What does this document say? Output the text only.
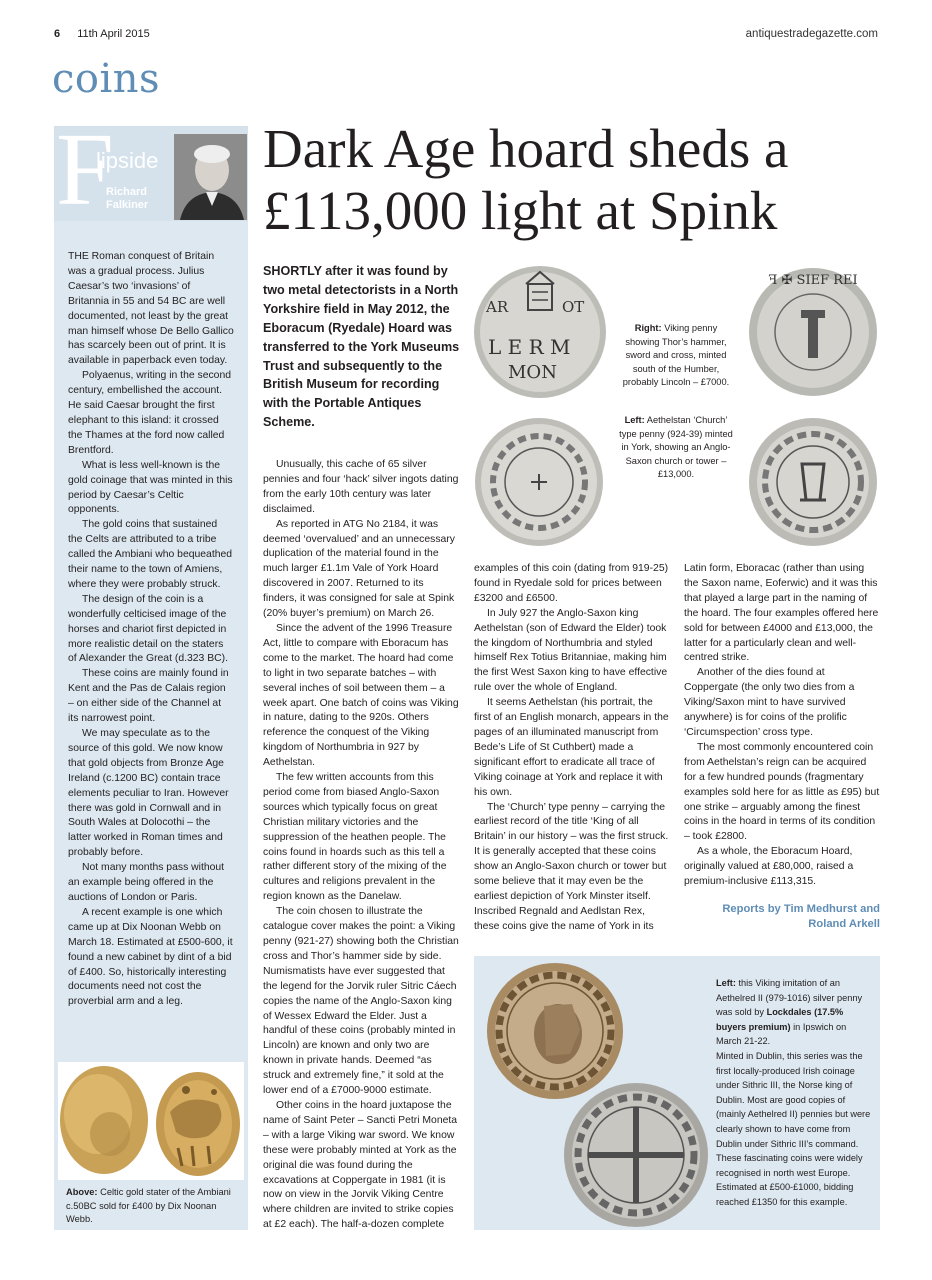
6 11th April 2015	antiquestradegazette.com
coins
F
lipside
Richard
Falkiner

THE Roman conquest of Britain was a gradual process. Julius Caesar’s two ‘invasions’ of Britannia in 55 and 54 BC are well documented, not least by the great man himself whose De Bello Gallico has scarcely been out of print. It is available in paperback even today.

Polyaenus, writing in the second century, embellished the account. He said Caesar brought the first elephant to this island: it crossed the Thames at the ford now called Brentford.

What is less well-known is the gold coinage that was minted in this period by Caesar’s Celtic opponents.

The gold coins that sustained the Celts are attributed to a tribe called the Ambiani who bequeathed their name to the town of Amiens, where they were probably struck.

The design of the coin is a wonderfully celticised image of the horses and chariot first depicted in more realistic detail on the staters of Alexander the Great (d.323 BC).

These coins are mainly found in Kent and the Pas de Calais region – on either side of the Channel at its narrowest point.

We may speculate as to the source of this gold. We now know that gold objects from Bronze Age Ireland (c.1200 BC) contain trace elements peculiar to Iran. However there was gold in Cornwall and in South Wales at Dolocothi – the latter worked in Roman times and probably before.

Not many months pass without an example being offered in the auctions of London or Paris.

A recent example is one which came up at Dix Noonan Webb on March 18. Estimated at £500-600, it found a new cabinet by dint of a bid of £400. So, historically interesting documents need not cost the proverbial arm and a leg.

Above: Celtic gold stater of the Ambiani c.50BC sold for £400 by Dix Noonan Webb.
Dark Age hoard sheds a £113,000 light at Spink
SHORTLY after it was found by two metal detectorists in a North Yorkshire field in May 2012, the Eboracum (Ryedale) Hoard was transferred to the York Museums Trust and subsequently to the British Museum for recording with the Portable Antiques Scheme.

Unusually, this cache of 65 silver pennies and four ‘hack’ silver ingots dating from the early 10th century was later disclaimed.

As reported in ATG No 2184, it was deemed ‘overvalued’ and an unnecessary duplication of the material found in the much larger £1.1m Vale of York Hoard discovered in 2007. Returned to its finders, it was consigned for sale at Spink (20% buyer’s premium) on March 26.

Since the advent of the 1996 Treasure Act, little to compare with Eboracum has come to the market. The hoard had come to light in two separate batches – with several inches of soil between them – a week apart. One batch of coins was Viking in nature, dating to the 920s. Others reference the conquest of the Viking kingdom of Northumbria in 927 by Aethelstan.

The few written accounts from this period come from biased Anglo-Saxon sources which typically focus on great Christian military victories and the suppression of the heathen people. The coins found in hoards such as this tell a rather different story of the mixing of the cultures and religions prevalent in the region known as the Danelaw.

The coin chosen to illustrate the catalogue cover makes the point: a Viking penny (921-27) showing both the Christian cross and Thor’s hammer side by side. Numismatists have ever suggested that the legend for the Jorvik ruler Sitric Cáech copies the name of the Anglo-Saxon king of Wessex Edward the Elder. Just a handful of these coins (probably minted in Lincoln) are known and only two are known in private hands. Deemed “as struck and extremely fine,” it sold at the lower end of a £7000-9000 estimate.

Other coins in the hoard juxtapose the name of Saint Peter – Sancti Petri Moneta – with a large Viking war sword. We know these were probably minted at York as the original die was found during the excavations at Coppergate in 1981 (it is now on view in the Jorvik Viking Centre where children are invited to strike copies at £2 each). The half-a-dozen complete

examples of this coin (dating from 919-25) found in Ryedale sold for prices between £3200 and £6500.

In July 927 the Anglo-Saxon king Aethelstan (son of Edward the Elder) took the kingdom of Northumbria and styled himself Rex Totius Britanniae, making him the first West Saxon king to have effective rule over the whole of England.

It seems Aethelstan (his portrait, the first of an English monarch, appears in the pages of an illuminated manuscript from Bede’s Life of St Cuthbert) made a significant effort to eradicate all trace of Viking coinage at York and replace it with his own.

The ‘Church’ type penny – carrying the earliest record of the title ‘King of all Britain’ in our history – was the first struck. It is generally accepted that these coins show an Anglo-Saxon church or tower but some believe that it may even be the earliest depiction of York Minster itself. Inscribed Regnald and Aedlstan Rex, these coins give the name of York in its

Latin form, Eboracac (rather than using the Saxon name, Eoferwic) and it was this that played a large part in the naming of the hoard. The four examples offered here sold for between £4000 and £13,000, the latter for a particularly clean and well-centred strike.

Another of the dies found at Coppergate (the only two dies from a Viking/Saxon mint to have survived anywhere) is for coins of the prolific ‘Circumspection’ cross type.

The most commonly encountered coin from Aethelstan’s reign can be acquired for a few hundred pounds (fragmentary examples sold here for as little as £95) but one strike – arguably among the finest coins in the hoard in terms of its condition – took £2800.

As a whole, the Eboracum Hoard, originally valued at £80,000, raised a premium-inclusive £113,315.

Reports by Tim Medhurst and Roland Arkell
AR	OT
L E R M
MON
ꟻ ✠ SIEF REI
Right: Viking penny showing Thor’s hammer, sword and cross, minted south of the Humber, probably Lincoln – £7000.
Left: Aethelstan ‘Church’ type penny (924-39) minted in York, showing an Anglo-Saxon church or tower – £13,000.

Left: this Viking imitation of an Aethelred II (979-1016) silver penny was sold by Lockdales (17.5% buyers premium) in Ipswich on March 21-22.

Minted in Dublin, this series was the first locally-produced Irish coinage under Sithric III, the Norse king of Dublin. Most are good copies of (mainly Aethelred II) pennies but were clearly shown to have come from Dublin under Sithric III’s command. These fascinating coins were widely recognised in north west Europe. Estimated at £500-£1000, bidding reached £1350 for this example.
